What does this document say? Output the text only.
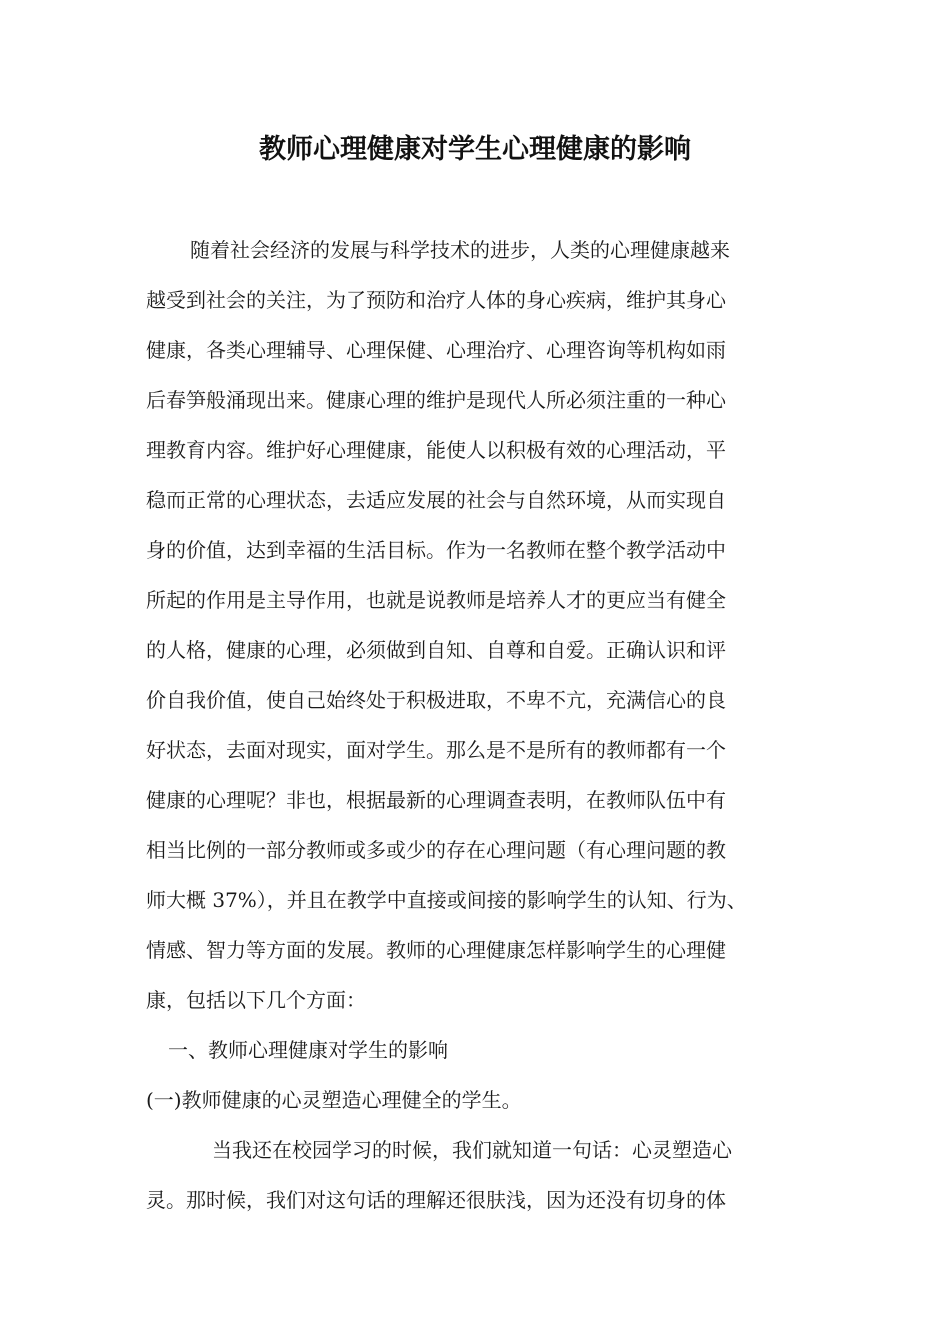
教师心理健康对学生心理健康的影响
随着社会经济的发展与科学技术的进步，人类的心理健康越来
越受到社会的关注，为了预防和治疗人体的身心疾病，维护其身心
健康，各类心理辅导、心理保健、心理治疗、心理咨询等机构如雨
后春笋般涌现出来。健康心理的维护是现代人所必须注重的一种心
理教育内容。维护好心理健康，能使人以积极有效的心理活动，平
稳而正常的心理状态，去适应发展的社会与自然环境，从而实现自
身的价值，达到幸福的生活目标。作为一名教师在整个教学活动中
所起的作用是主导作用，也就是说教师是培养人才的更应当有健全
的人格，健康的心理，必须做到自知、自尊和自爱。正确认识和评
价自我价值，使自己始终处于积极进取，不卑不亢，充满信心的良
好状态，去面对现实，面对学生。那么是不是所有的教师都有一个
健康的心理呢？非也，根据最新的心理调查表明，在教师队伍中有
相当比例的一部分教师或多或少的存在心理问题（有心理问题的教
师大概 37%），并且在教学中直接或间接的影响学生的认知、行为、
情感、智力等方面的发展。教师的心理健康怎样影响学生的心理健
康，包括以下几个方面：
一、教师心理健康对学生的影响
(一)教师健康的心灵塑造心理健全的学生。
当我还在校园学习的时候，我们就知道一句话：心灵塑造心
灵。那时候，我们对这句话的理解还很肤浅，因为还没有切身的体
